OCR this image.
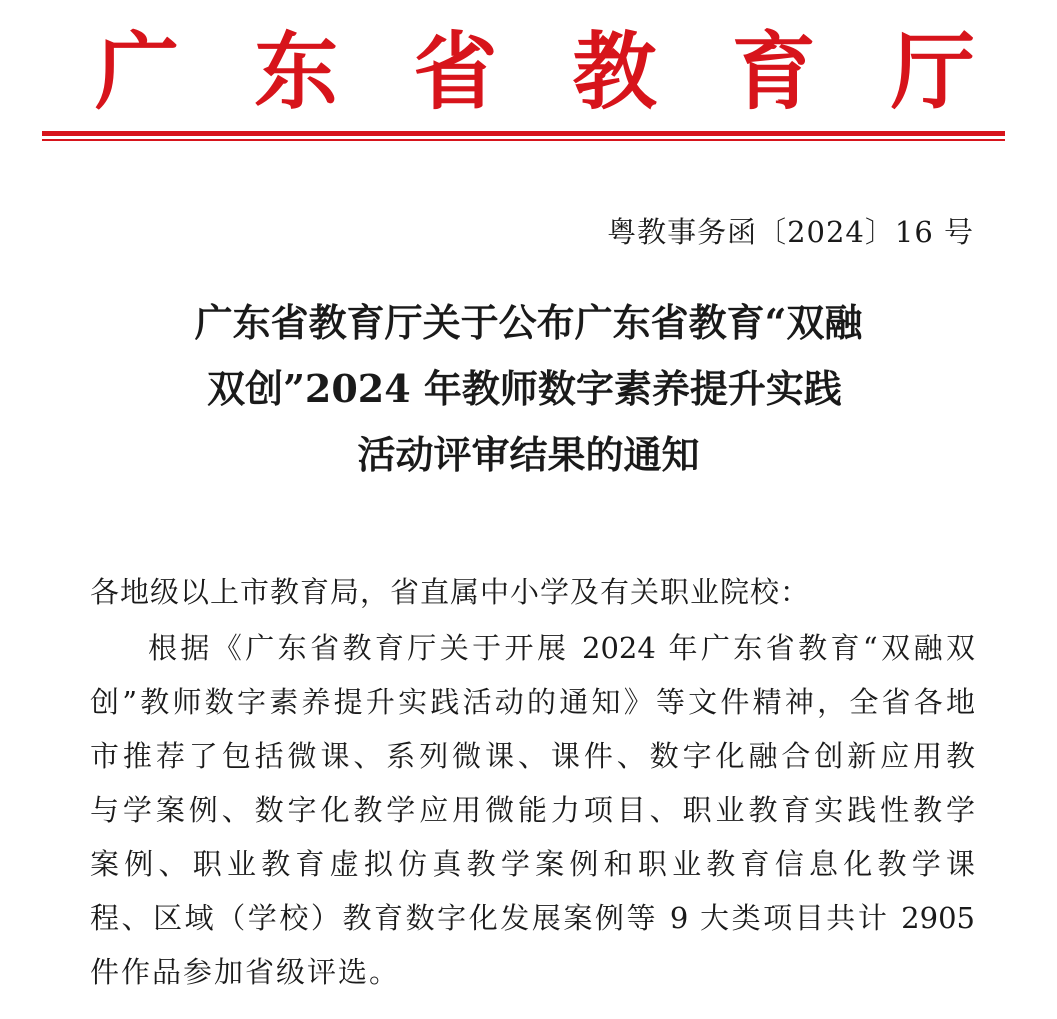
广 东 省 教 育 厅
粤教事务函〔2024〕16 号
广东省教育厅关于公布广东省教育“双融
双创”2024 年教师数字素养提升实践
活动评审结果的通知
各地级以上市教育局，省直属中小学及有关职业院校：
根据《广东省教育厅关于开展 2024 年广东省教育“双融双
创”教师数字素养提升实践活动的通知》等文件精神，全省各地
市推荐了包括微课、系列微课、课件、数字化融合创新应用教
与学案例、数字化教学应用微能力项目、职业教育实践性教学
案例、职业教育虚拟仿真教学案例和职业教育信息化教学课
程、区域（学校）教育数字化发展案例等 9 大类项目共计 2905
件作品参加省级评选。
